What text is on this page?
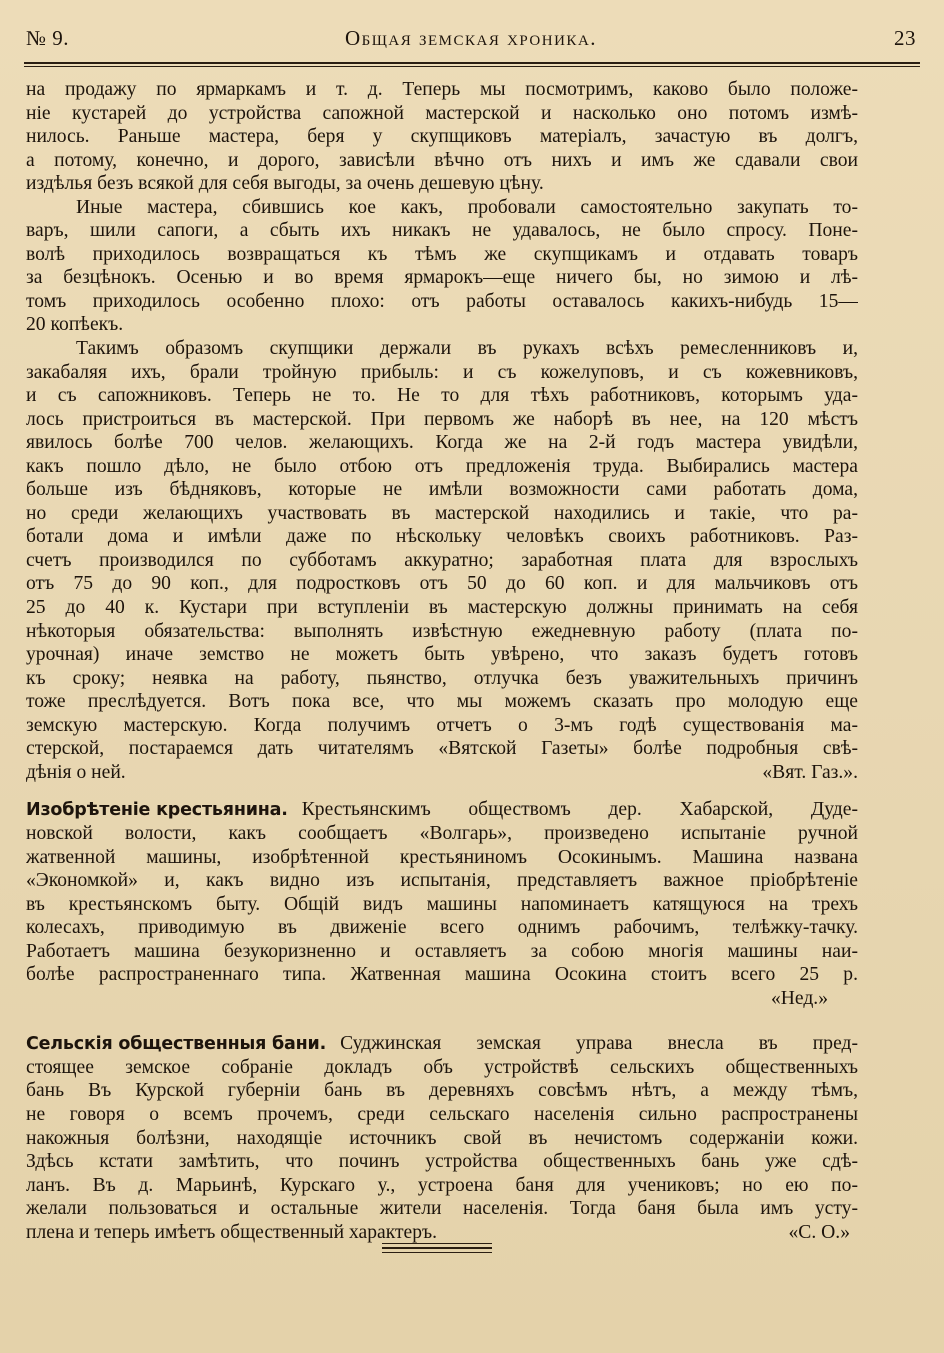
№ 9.	Общая земская хроника.	23
на продажу по ярмаркамъ и т. д. Теперь мы посмотримъ, каково было положе-
ніе кустарей до устройства сапожной мастерской и насколько оно потомъ измѣ-
нилось. Раньше мастера, беря у скупщиковъ матеріалъ, зачастую въ долгъ,
а потому, конечно, и дорого, зависѣли вѣчно отъ нихъ и имъ же сдавали свои
издѣлья безъ всякой для себя выгоды, за очень дешевую цѣну.
Иные мастера, сбившись кое какъ, пробовали самостоятельно закупать то-
варъ, шили сапоги, а сбыть ихъ никакъ не удавалось, не было спросу. Поне-
волѣ приходилось возвращаться къ тѣмъ же скупщикамъ и отдавать товаръ
за безцѣнокъ. Осенью и во время ярмарокъ—еще ничего бы, но зимою и лѣ-
томъ приходилось особенно плохо: отъ работы оставалось какихъ-нибудь 15—
20 копѣекъ.
Такимъ образомъ скупщики держали въ рукахъ всѣхъ ремесленниковъ и,
закабаляя ихъ, брали тройную прибыль: и съ кожелуповъ, и съ кожевниковъ,
и съ сапожниковъ. Теперь не то. Не то для тѣхъ работниковъ, которымъ уда-
лось пристроиться въ мастерской. При первомъ же наборѣ въ нее, на 120 мѣстъ
явилось болѣе 700 челов. желающихъ. Когда же на 2-й годъ мастера увидѣли,
какъ пошло дѣло, не было отбою отъ предложенія труда. Выбирались мастера
больше изъ бѣдняковъ, которые не имѣли возможности сами работать дома,
но среди желающихъ участвовать въ мастерской находились и такіе, что ра-
ботали дома и имѣли даже по нѣскольку человѣкъ своихъ работниковъ. Раз-
счетъ производился по субботамъ аккуратно; заработная плата для взрослыхъ
отъ 75 до 90 коп., для подростковъ отъ 50 до 60 коп. и для мальчиковъ отъ
25 до 40 к. Кустари при вступленіи въ мастерскую должны принимать на себя
нѣкоторыя обязательства: выполнять извѣстную ежедневную работу (плата по-
урочная) иначе земство не можетъ быть увѣрено, что заказъ будетъ готовъ
къ сроку; неявка на работу, пьянство, отлучка безъ уважительныхъ причинъ
тоже преслѣдуется. Вотъ пока все, что мы можемъ сказать про молодую еще
земскую мастерскую. Когда получимъ отчетъ о 3-мъ годѣ существованія ма-
стерской, постараемся дать читателямъ «Вятской Газеты» болѣе подробныя свѣ-
дѣнія о ней.	«Вят. Газ.».
Изобрѣтеніе крестьянина. Крестьянскимъ обществомъ дер. Хабарской, Дуде-
новской волости, какъ сообщаетъ «Волгарь», произведено испытаніе ручной
жатвенной машины, изобрѣтенной крестьяниномъ Осокинымъ. Машина названа
«Экономкой» и, какъ видно изъ испытанія, представляетъ важное пріобрѣтеніе
въ крестьянскомъ быту. Общій видъ машины напоминаетъ катящуюся на трехъ
колесахъ, приводимую въ движеніе всего однимъ рабочимъ, телѣжку-тачку.
Работаетъ машина безукоризненно и оставляетъ за собою многія машины наи-
болѣе распространеннаго типа. Жатвенная машина Осокина стоитъ всего 25 р.
«Нед.»
Сельскія общественныя бани. Суджинская земская управа внесла въ пред-
стоящее земское собраніе докладъ объ устройствѣ сельскихъ общественныхъ
бань Въ Курской губерніи бань въ деревняхъ совсѣмъ нѣтъ, а между тѣмъ,
не говоря о всемъ прочемъ, среди сельскаго населенія сильно распространены
накожныя болѣзни, находящіе источникъ свой въ нечистомъ содержаніи кожи.
Здѣсь кстати замѣтить, что починъ устройства общественныхъ бань уже сдѣ-
ланъ. Въ д. Марьинѣ, Курскаго у., устроена баня для учениковъ; но ею по-
желали пользоваться и остальные жители населенія. Тогда баня была имъ усту-
плена и теперь имѣетъ общественный характеръ.	«С. О.»
